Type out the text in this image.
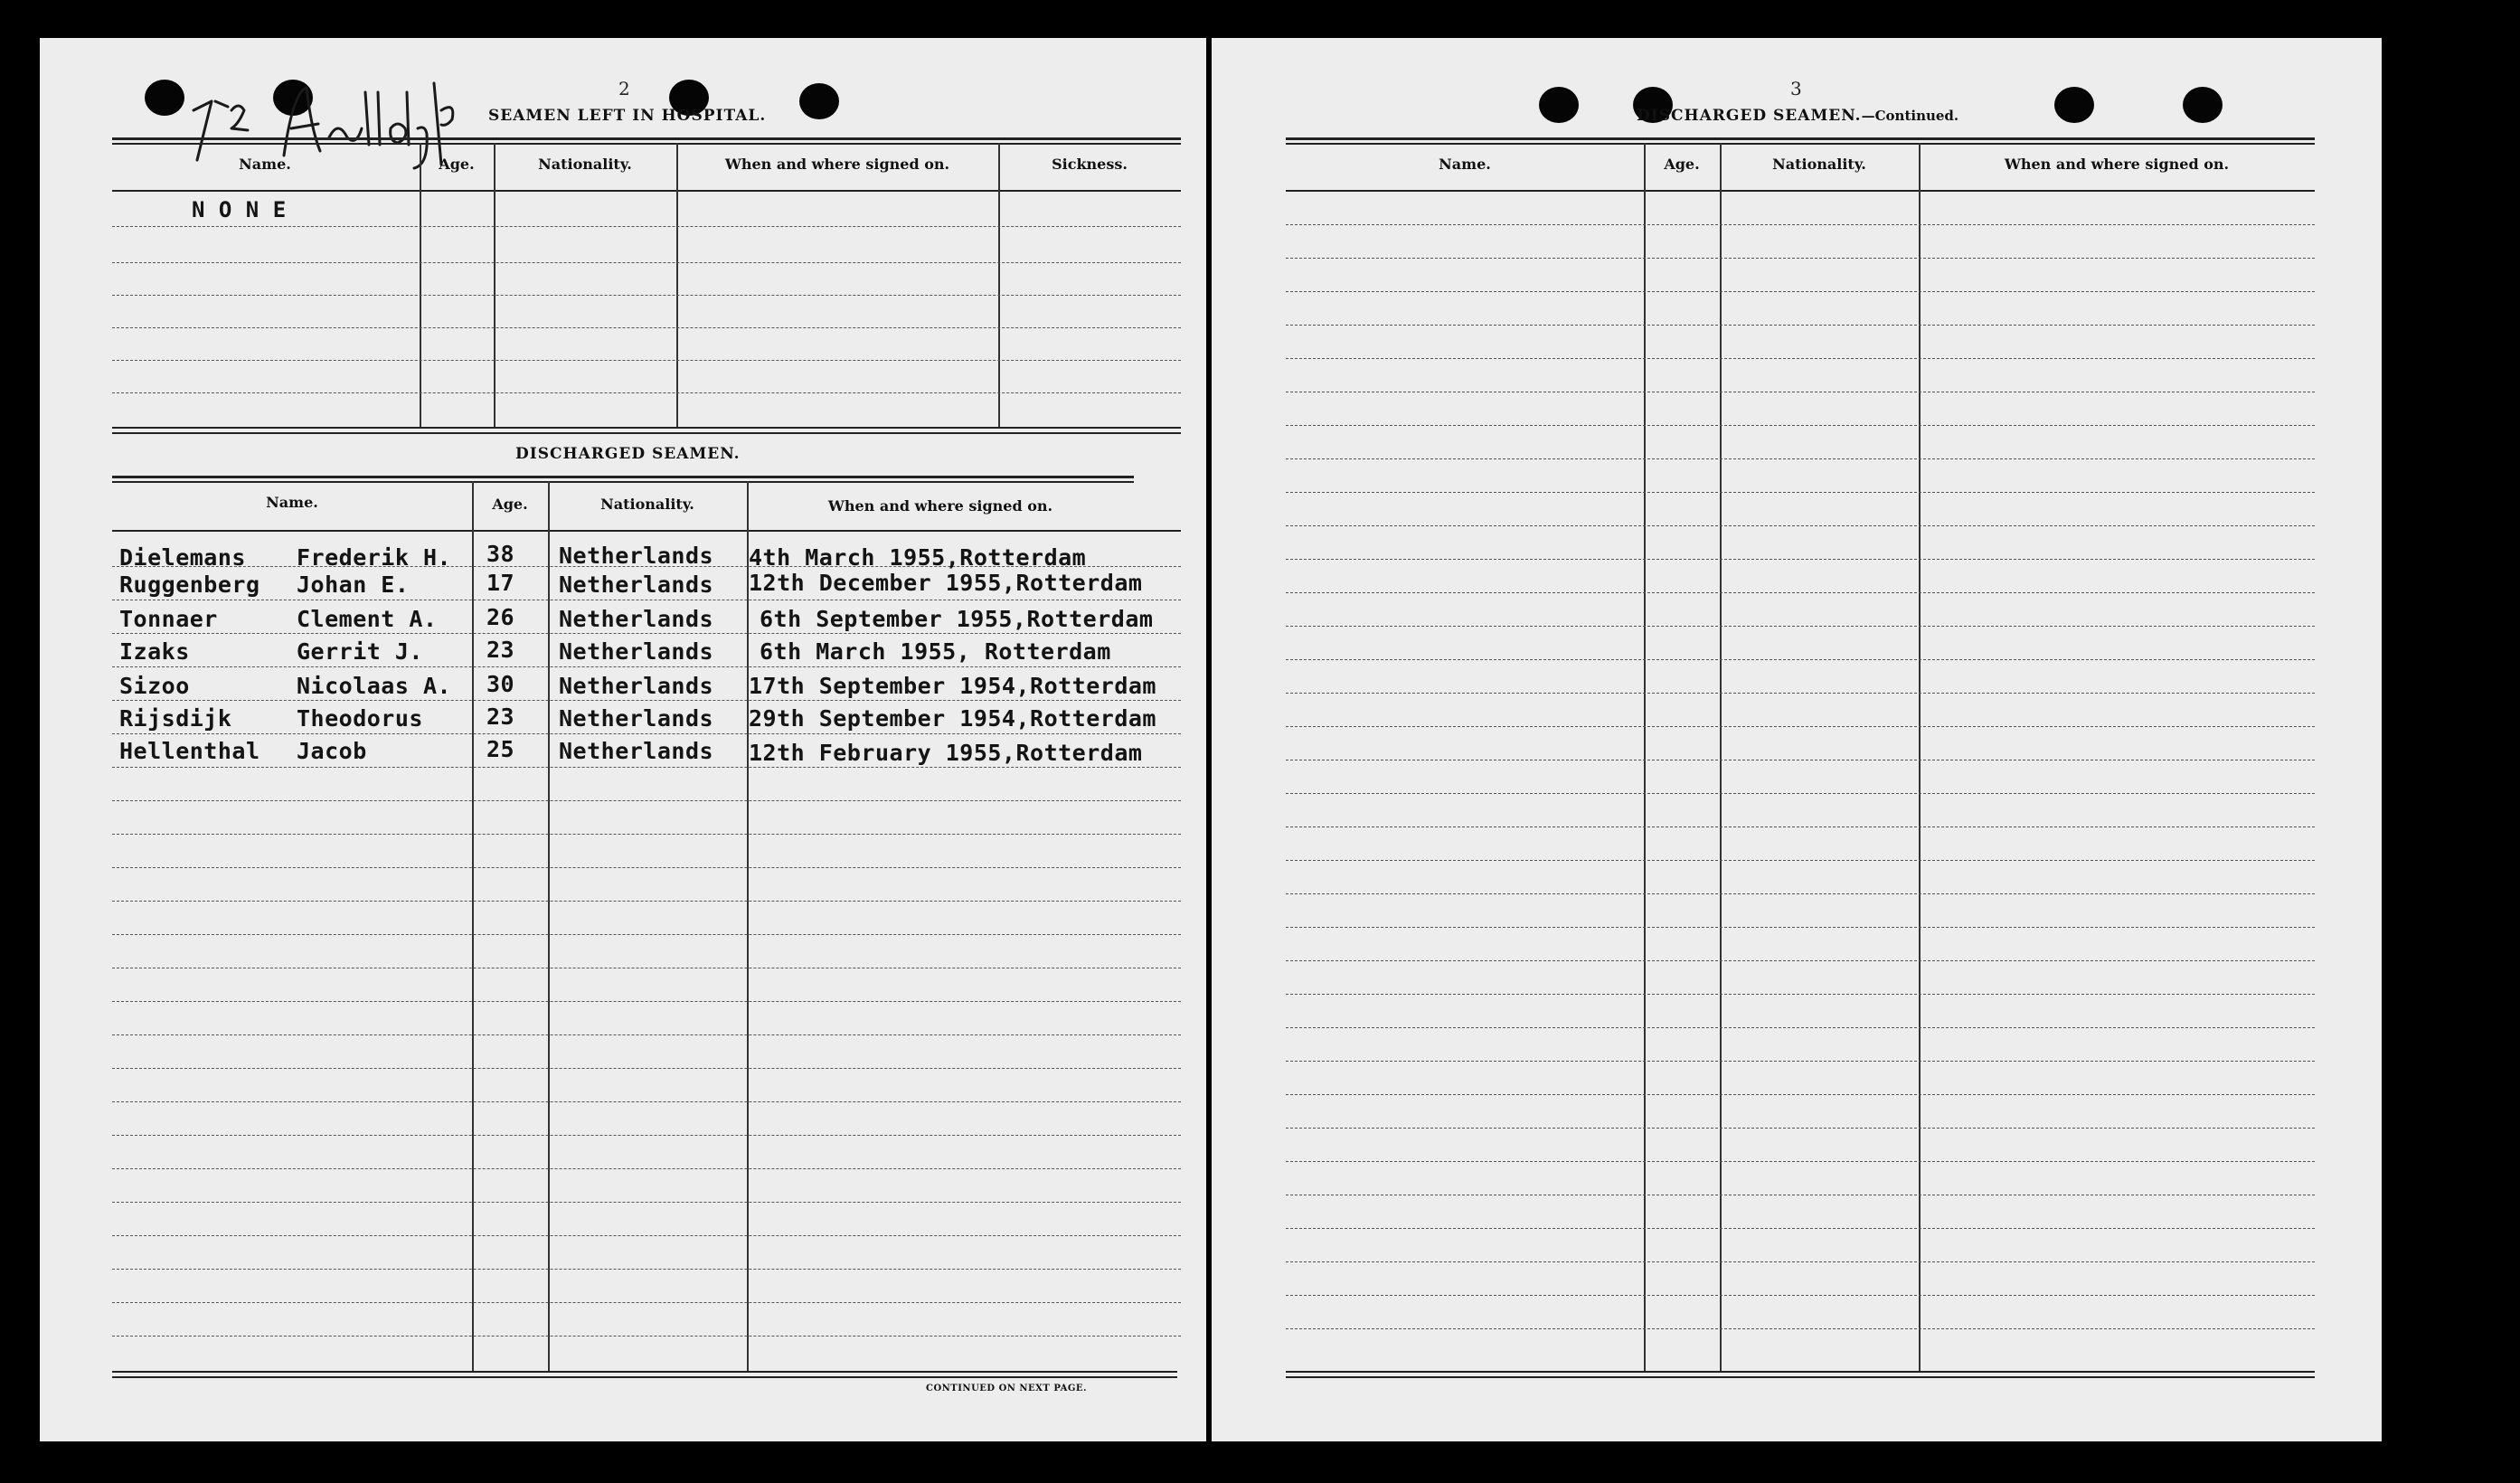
2
SEAMEN LEFT IN HOSPITAL.
Name.	Age.	Nationality.	When and where signed on.	Sickness.
N O N E
DISCHARGED SEAMEN.
Name.	Age.	Nationality.	When and where signed on.
Dielemans Frederik H. 38 Netherlands 4th March 1955,Rotterdam
Ruggenberg Johan E.	17 Netherlands 12th December 1955,Rotterdam
Tonnaer	Clement A. 26 Netherlands 6th September 1955,Rotterdam
Izaks	Gerrit J.	23 Netherlands 6th March 1955, Rotterdam
Sizoo	Nicolaas A. 30 Netherlands 17th September 1954,Rotterdam
Rijsdijk	Theodorus	23 Netherlands 29th September 1954,Rotterdam
Hellenthal Jacob	25 Netherlands 12th February 1955,Rotterdam
CONTINUED ON NEXT PAGE.
3
DISCHARGED SEAMEN.—Continued.
Name.	Age.	Nationality.	When and where signed on.
